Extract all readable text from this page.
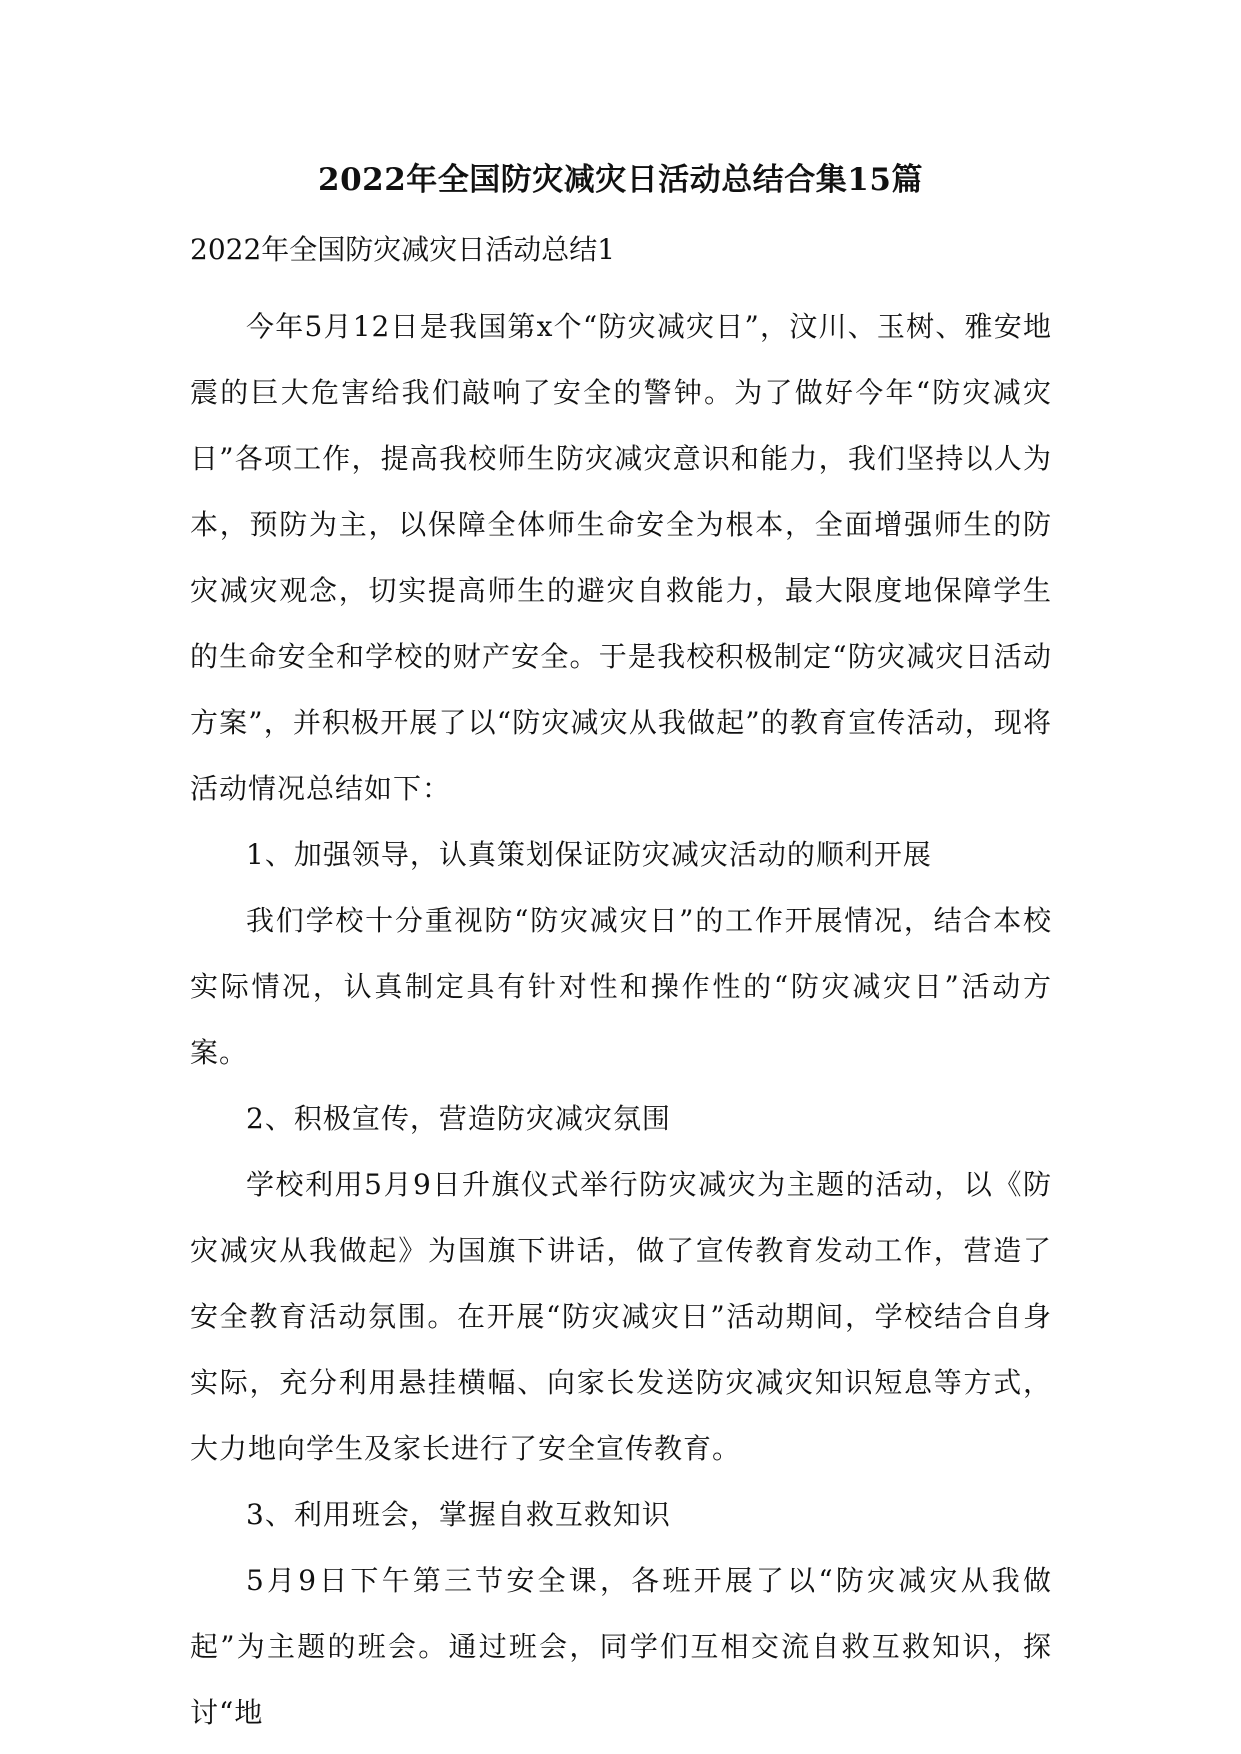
2022年全国防灾减灾日活动总结合集15篇
2022年全国防灾减灾日活动总结1

今年5月12日是我国第x个“防灾减灾日”，汶川、玉树、雅安地震的巨大危害给我们敲响了安全的警钟。为了做好今年“防灾减灾日”各项工作，提高我校师生防灾减灾意识和能力，我们坚持以人为本，预防为主，以保障全体师生命安全为根本，全面增强师生的防灾减灾观念，切实提高师生的避灾自救能力，最大限度地保障学生的生命安全和学校的财产安全。于是我校积极制定“防灾减灾日活动方案”，并积极开展了以“防灾减灾从我做起”的教育宣传活动，现将活动情况总结如下：

1、加强领导，认真策划保证防灾减灾活动的顺利开展

我们学校十分重视防“防灾减灾日”的工作开展情况，结合本校实际情况，认真制定具有针对性和操作性的“防灾减灾日”活动方案。

2、积极宣传，营造防灾减灾氛围

学校利用5月9日升旗仪式举行防灾减灾为主题的活动，以《防灾减灾从我做起》为国旗下讲话，做了宣传教育发动工作，营造了安全教育活动氛围。在开展“防灾减灾日”活动期间，学校结合自身实际，充分利用悬挂横幅、向家长发送防灾减灾知识短息等方式，大力地向学生及家长进行了安全宣传教育。

3、利用班会，掌握自救互救知识

5月9日下午第三节安全课，各班开展了以“防灾减灾从我做起”为主题的班会。通过班会，同学们互相交流自救互救知识，探讨“地
